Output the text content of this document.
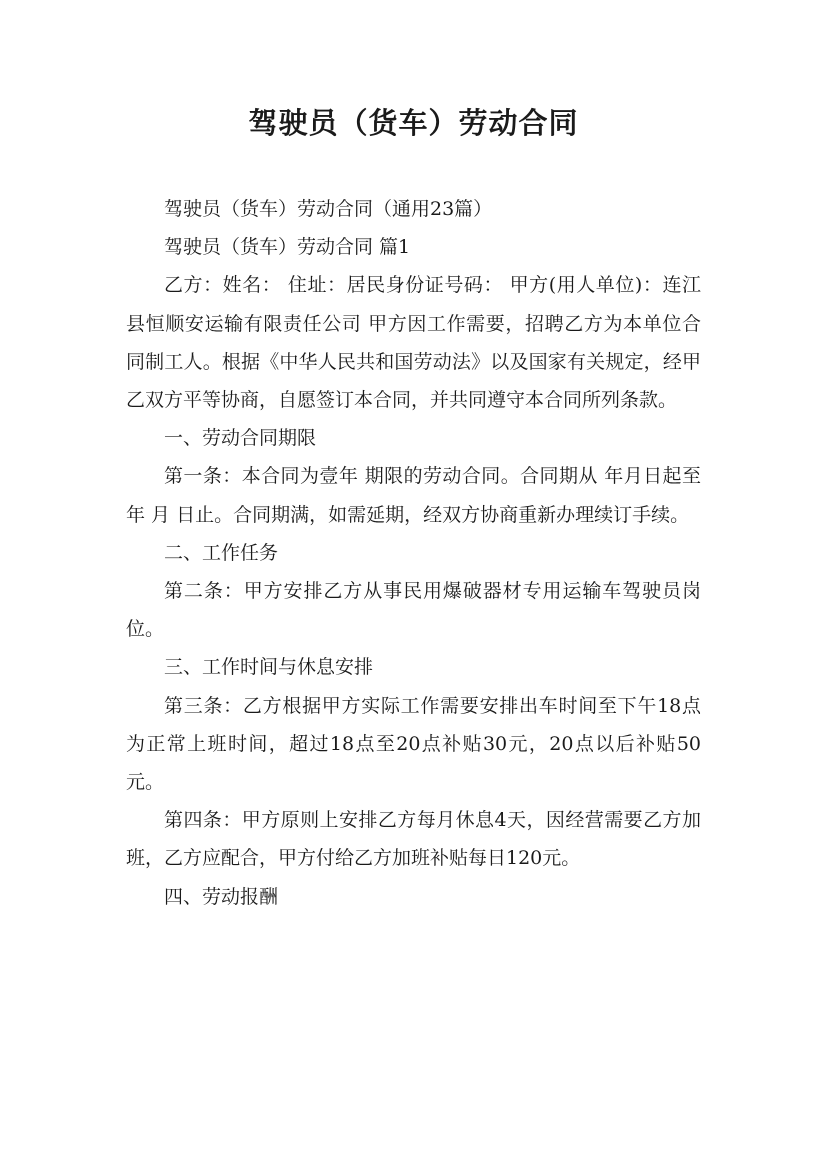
驾驶员（货车）劳动合同

驾驶员（货车）劳动合同（通用23篇）

驾驶员（货车）劳动合同 篇1

乙方：姓名： 住址：居民身份证号码： 甲方(用人单位)：连江县恒顺安运输有限责任公司 甲方因工作需要，招聘乙方为本单位合同制工人。根据《中华人民共和国劳动法》以及国家有关规定，经甲乙双方平等协商，自愿签订本合同，并共同遵守本合同所列条款。

一、劳动合同期限

第一条：本合同为壹年 期限的劳动合同。合同期从 年月日起至 年 月 日止。合同期满，如需延期，经双方协商重新办理续订手续。

二、工作任务

第二条：甲方安排乙方从事民用爆破器材专用运输车驾驶员岗位。

三、工作时间与休息安排

第三条：乙方根据甲方实际工作需要安排出车时间至下午18点为正常上班时间，超过18点至20点补贴30元，20点以后补贴50元。

第四条：甲方原则上安排乙方每月休息4天，因经营需要乙方加班，乙方应配合，甲方付给乙方加班补贴每日120元。

四、劳动报酬
